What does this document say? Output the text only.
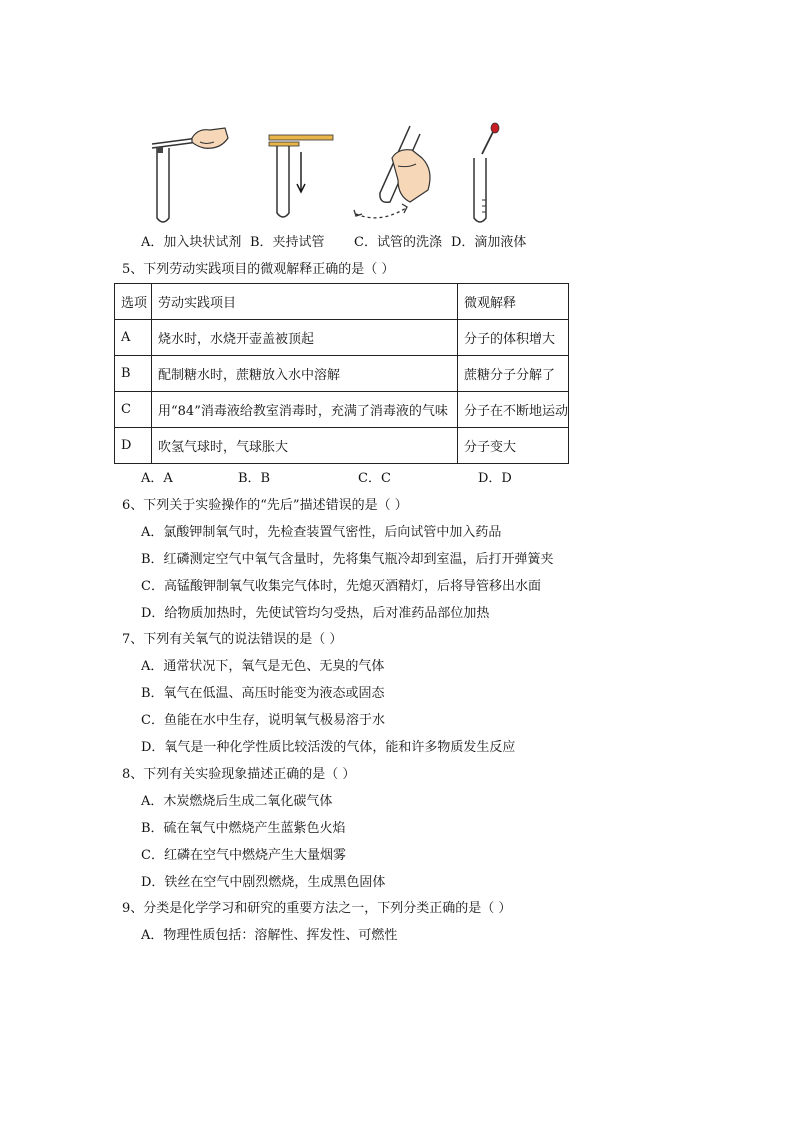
A．加入块状试剂 B．夹持试管 C．试管的洗涤 D．滴加液体
5、下列劳动实践项目的微观解释正确的是（ ）
选项	劳动实践项目	微观解释
A	烧水时，水烧开壶盖被顶起	分子的体积增大
B	配制糖水时，蔗糖放入水中溶解	蔗糖分子分解了
C	用“84”消毒液给教室消毒时，充满了消毒液的气味	分子在不断地运动
D	吹氢气球时，气球胀大	分子变大
A．A	B．B	C．C	D．D
6、下列关于实验操作的“先后”描述错误的是（ ）
A．氯酸钾制氧气时，先检查装置气密性，后向试管中加入药品
B．红磷测定空气中氧气含量时，先将集气瓶冷却到室温，后打开弹簧夹
C．高锰酸钾制氧气收集完气体时，先熄灭酒精灯，后将导管移出水面
D．给物质加热时，先使试管均匀受热，后对准药品部位加热
7、下列有关氧气的说法错误的是（ ）
A．通常状况下，氧气是无色、无臭的气体
B．氧气在低温、高压时能变为液态或固态
C．鱼能在水中生存，说明氧气极易溶于水
D．氧气是一种化学性质比较活泼的气体，能和许多物质发生反应
8、下列有关实验现象描述正确的是（ ）
A．木炭燃烧后生成二氧化碳气体
B．硫在氧气中燃烧产生蓝紫色火焰
C．红磷在空气中燃烧产生大量烟雾
D．铁丝在空气中剧烈燃烧，生成黑色固体
9、分类是化学学习和研究的重要方法之一，下列分类正确的是（ ）
A．物理性质包括：溶解性、挥发性、可燃性
